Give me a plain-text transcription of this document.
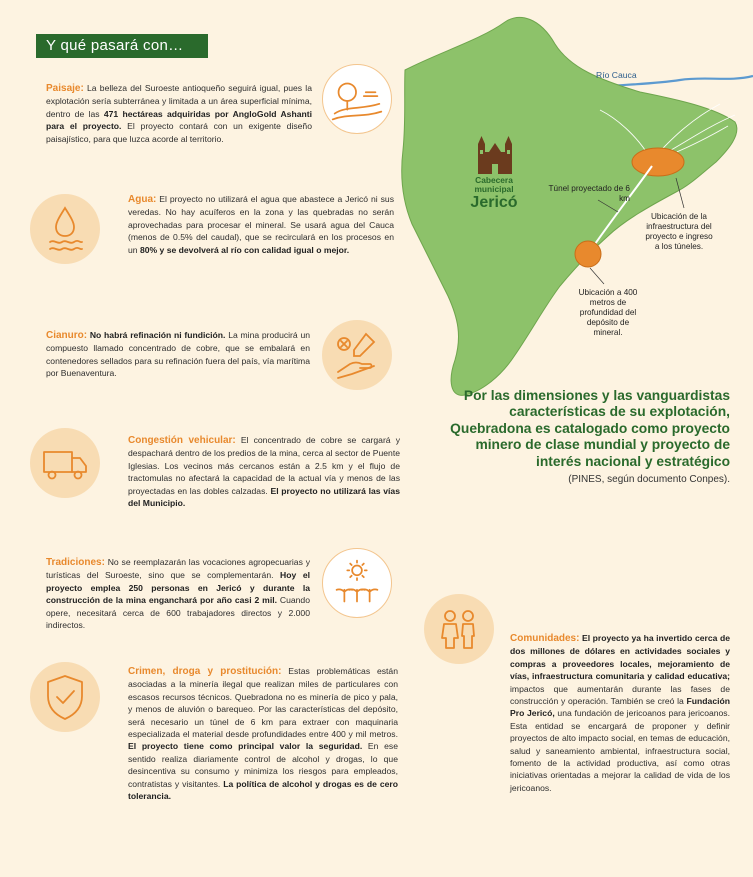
Y qué pasará con…
Río Cauca
Cabecera
municipal
Jericó
Túnel proyectado de 6 km
Ubicación de la infraestructura del proyecto e ingreso a los túneles.
Ubicación a 400 metros de profundidad del depósito de mineral.
Por las dimensiones y las vanguardistas características de su explotación, Quebradona es catalogado como proyecto minero de clase mundial y proyecto de interés nacional y estratégico
(PINES, según documento Conpes).
Paisaje: La belleza del Suroeste antioqueño seguirá igual, pues la explotación sería subterránea y limitada a un área superficial mínima, dentro de las 471 hectáreas adquiridas por AngloGold Ashanti para el proyecto. El proyecto contará con un exigente diseño paisajístico, para que luzca acorde al territorio.
Agua: El proyecto no utilizará el agua que abastece a Jericó ni sus veredas. No hay acuíferos en la zona y las quebradas no serán aprovechadas para procesar el mineral. Se usará agua del Cauca (menos de 0.5% del caudal), que se recirculará en los procesos en un 80% y se devolverá al río con calidad igual o mejor.
Cianuro: No habrá refinación ni fundición. La mina producirá un compuesto llamado concentrado de cobre, que se embalará en contenedores sellados para su refinación fuera del país, vía marítima por Buenaventura.
Congestión vehicular: El concentrado de cobre se cargará y despachará dentro de los predios de la mina, cerca al sector de Puente Iglesias. Los vecinos más cercanos están a 2.5 km y el flujo de tractomulas no afectará la capacidad de la actual vía y menos de las proyectadas en las dobles calzadas. El proyecto no utilizará las vías del Municipio.
Tradiciones: No se reemplazarán las vocaciones agropecuarias y turísticas del Suroeste, sino que se complementarán. Hoy el proyecto emplea 250 personas en Jericó y durante la construcción de la mina enganchará por año casi 2 mil. Cuando opere, necesitará cerca de 600 trabajadores directos y 2.000 indirectos.
Crimen, droga y prostitución: Estas problemáticas están asociadas a la minería ilegal que realizan miles de particulares con escasos recursos técnicos. Quebradona no es minería de pico y pala, y menos de aluvión o barequeo. Por las características del depósito, será necesario un túnel de 6 km para extraer con maquinaria especializada el material desde profundidades entre 400 y mil metros. El proyecto tiene como principal valor la seguridad. En ese sentido realiza diariamente control de alcohol y drogas, lo que desincentiva su consumo y minimiza los riesgos para empleados, contratistas y visitantes. La política de alcohol y drogas es de cero tolerancia.
Comunidades: El proyecto ya ha invertido cerca de dos millones de dólares en actividades sociales y compras a proveedores locales, mejoramiento de vías, infraestructura comunitaria y calidad educativa; impactos que aumentarán durante las fases de construcción y operación. También se creó la Fundación Pro Jericó, una fundación de jericoanos para jericoanos. Esta entidad se encargará de proponer y definir proyectos de alto impacto social, en temas de educación, salud y saneamiento ambiental, infraestructura social, fomento de la actividad productiva, así como otras iniciativas orientadas a mejorar la calidad de vida de los jericoanos.
